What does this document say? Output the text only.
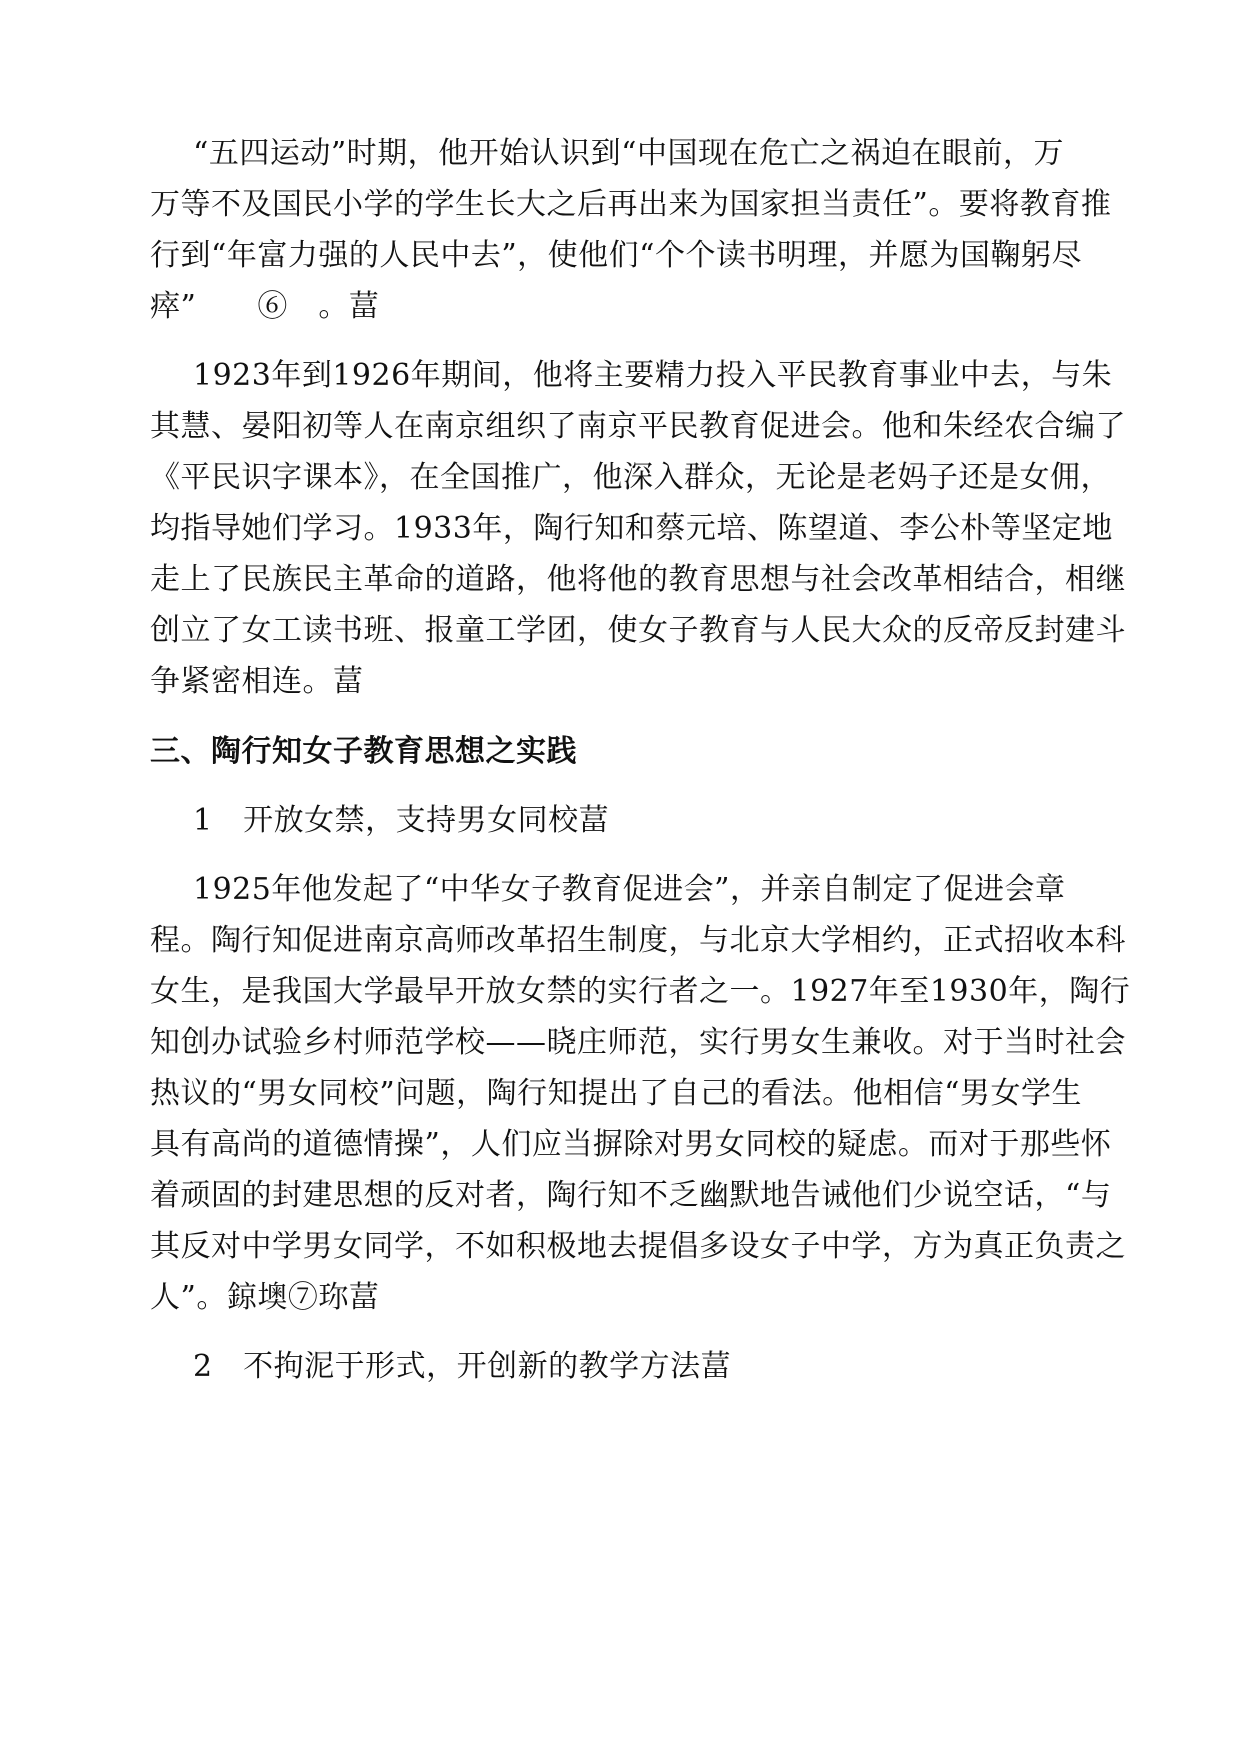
“五四运动”时期，他开始认识到“中国现在危亡之祸迫在眼前，万
万等不及国民小学的学生长大之后再出来为国家担当责任”。要将教育推
行到“年富力强的人民中去”，使他们“个个读书明理，并愿为国鞠躬尽
瘁”　　⑥　。葍
1923年到1926年期间，他将主要精力投入平民教育事业中去，与朱
其慧、晏阳初等人在南京组织了南京平民教育促进会。他和朱经农合编了
《平民识字课本》，在全国推广，他深入群众，无论是老妈子还是女佣，
均指导她们学习。1933年，陶行知和蔡元培、陈望道、李公朴等坚定地
走上了民族民主革命的道路，他将他的教育思想与社会改革相结合，相继
创立了女工读书班、报童工学团，使女子教育与人民大众的反帝反封建斗
争紧密相连。葍
三、陶行知女子教育思想之实践
1　开放女禁，支持男女同校葍
1925年他发起了“中华女子教育促进会”，并亲自制定了促进会章
程。陶行知促进南京高师改革招生制度，与北京大学相约，正式招收本科
女生，是我国大学最早开放女禁的实行者之一。1927年至1930年，陶行
知创办试验乡村师范学校——晓庄师范，实行男女生兼收。对于当时社会
热议的“男女同校”问题，陶行知提出了自己的看法。他相信“男女学生
具有高尚的道德情操”，人们应当摒除对男女同校的疑虑。而对于那些怀
着顽固的封建思想的反对者，陶行知不乏幽默地告诫他们少说空话，“与
其反对中学男女同学，不如积极地去提倡多设女子中学，方为真正负责之
人”。鍄墺⑦珎葍
2　不拘泥于形式，开创新的教学方法葍
